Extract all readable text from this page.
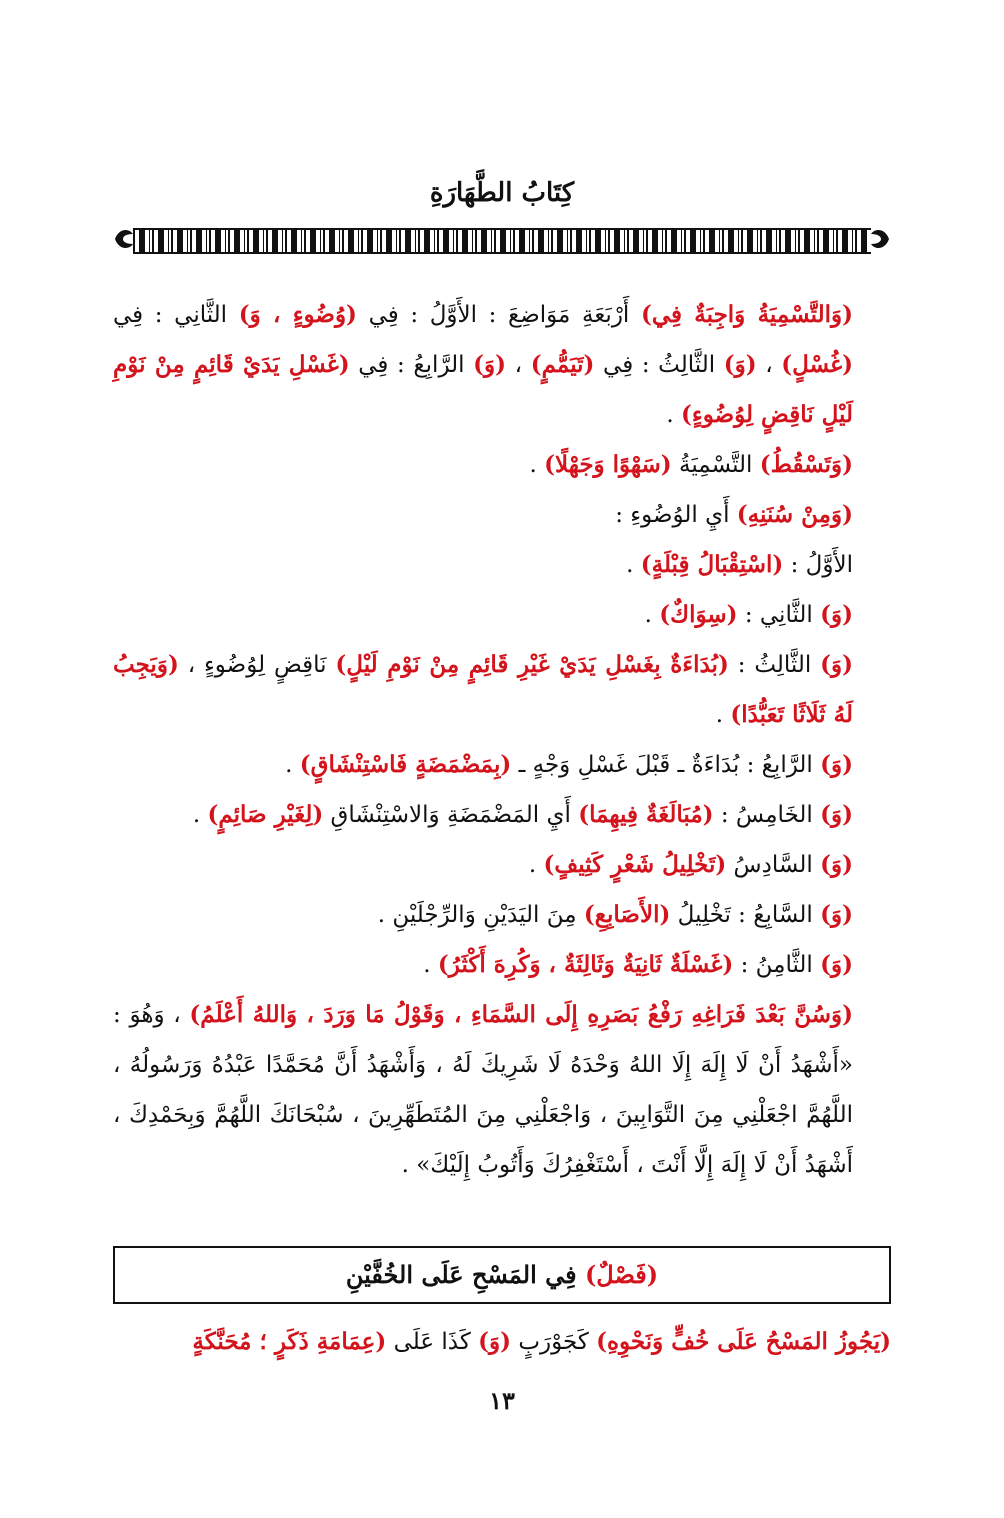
كِتَابُ الطَّهَارَةِ

(وَالتَّسْمِيَةُ وَاجِبَةٌ فِي) أَرْبَعَةِ مَوَاضِعَ : الأَوَّلُ : فِي (وُضُوءٍ ، وَ) الثَّانِي : فِي (غُسْلٍ) ، (وَ) الثَّالِثُ : فِي (تَيَمُّمٍ) ، (وَ) الرَّابِعُ : فِي (غَسْلِ يَدَيْ قَائِمٍ مِنْ نَوْمِ لَيْلٍ نَاقِضٍ لِوُضُوءٍ) .

(وَتَسْقُطُ) التَّسْمِيَةُ (سَهْوًا وَجَهْلًا) .

(وَمِنْ سُنَنِهِ) أَيِ الوُضُوءِ :

الأَوَّلُ : (اسْتِقْبَالُ قِبْلَةٍ) .

(وَ) الثَّانِي : (سِوَاكٌ) .

(وَ) الثَّالِثُ : (بُدَاءَةٌ بِغَسْلِ يَدَيْ غَيْرِ قَائِمٍ مِنْ نَوْمِ لَيْلٍ) نَاقِضٍ لِوُضُوءٍ ، (وَيَجِبُ لَهُ ثَلَاثًا تَعَبُّدًا) .

(وَ) الرَّابِعُ : بُدَاءَةٌ ـ قَبْلَ غَسْلِ وَجْهٍ ـ (بِمَضْمَضَةٍ فَاسْتِنْشَاقٍ) .

(وَ) الخَامِسُ : (مُبَالَغَةٌ فِيهِمَا) أَيِ المَضْمَضَةِ وَالاسْتِنْشَاقِ (لِغَيْرِ صَائِمٍ) .

(وَ) السَّادِسُ (تَخْلِيلُ شَعْرٍ كَثِيفٍ) .

(وَ) السَّابِعُ : تَخْلِيلُ (الأَصَابِعِ) مِنَ اليَدَيْنِ وَالرِّجْلَيْنِ .

(وَ) الثَّامِنُ : (غَسْلَةٌ ثَانِيَةٌ وَثَالِثَةٌ ، وَكُرِهَ أَكْثَرُ) .

(وَسُنَّ بَعْدَ فَرَاغِهِ رَفْعُ بَصَرِهِ إِلَى السَّمَاءِ ، وَقَوْلُ مَا وَرَدَ ، وَاللهُ أَعْلَمُ) ، وَهُوَ : «أَشْهَدُ أَنْ لَا إِلَهَ إِلَا اللهُ وَحْدَهُ لَا شَرِيكَ لَهُ ، وَأَشْهَدُ أَنَّ مُحَمَّدًا عَبْدُهُ وَرَسُولُهُ ، اللَّهُمَّ اجْعَلْنِي مِنَ التَّوَابِينَ ، وَاجْعَلْنِي مِنَ المُتَطَهِّرِينَ ، سُبْحَانَكَ اللَّهُمَّ وَبِحَمْدِكَ ، أَشْهَدُ أَنْ لَا إِلَهَ إِلَّا أَنْتَ ، أَسْتَغْفِرُكَ وَأَتُوبُ إِلَيْكَ» .

(فَصْلٌ) فِي المَسْحِ عَلَى الخُفَّيْنِ
(يَجُوزُ المَسْحُ عَلَى خُفٍّ وَنَحْوِهِ) كَجَوْرَبٍ (وَ) كَذَا عَلَى (عِمَامَةِ ذَكَرٍ ؛ مُحَنَّكَةٍ
١٣
